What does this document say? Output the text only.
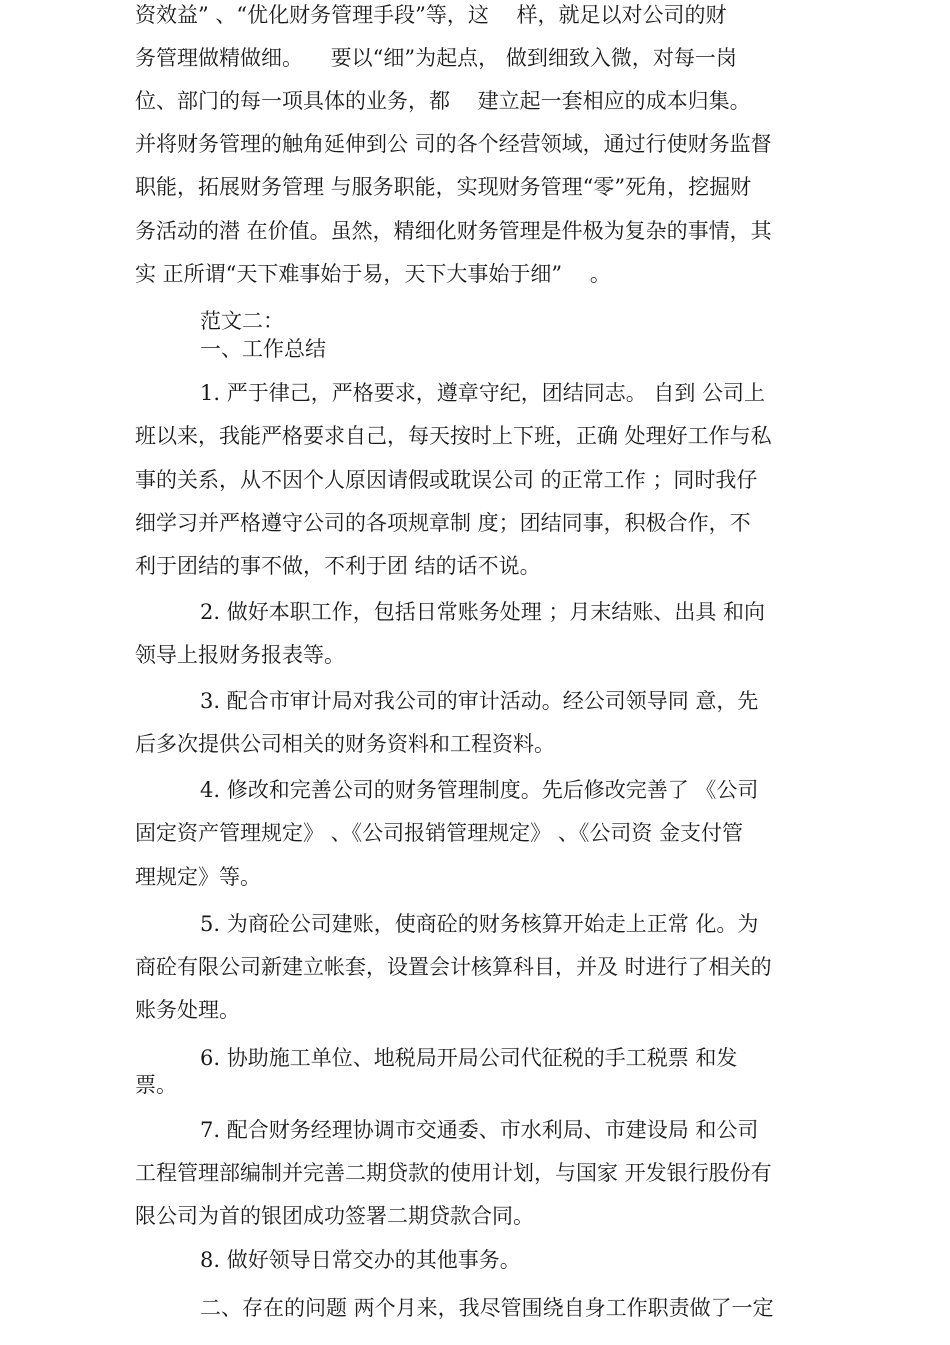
资效益” 、“优化财务管理手段”等，这 　样，就足以对公司的财
务管理做精做细。 　要以“细”为起点， 做到细致入微，对每一岗
位、部门的每一项具体的业务，都 　建立起一套相应的成本归集。
并将财务管理的触角延伸到公 司的各个经营领域，通过行使财务监督
职能，拓展财务管理 与服务职能，实现财务管理“零”死角，挖掘财
务活动的潜 在价值。虽然，精细化财务管理是件极为复杂的事情，其
实 正所谓“天下难事始于易，天下大事始于细” 　。
范文二：
一、工作总结
1. 严于律己，严格要求，遵章守纪，团结同志。 自到 公司上
班以来，我能严格要求自己，每天按时上下班，正确 处理好工作与私
事的关系，从不因个人原因请假或耽误公司 的正常工作 ；同时我仔
细学习并严格遵守公司的各项规章制 度；团结同事，积极合作，不
利于团结的事不做，不利于团 结的话不说。
2. 做好本职工作，包括日常账务处理 ；月末结账、出具 和向
领导上报财务报表等。
3. 配合市审计局对我公司的审计活动。经公司领导同 意，先
后多次提供公司相关的财务资料和工程资料。
4. 修改和完善公司的财务管理制度。先后修改完善了 《公司
固定资产管理规定》 、《公司报销管理规定》 、《公司资 金支付管
理规定》等。
5. 为商砼公司建账，使商砼的财务核算开始走上正常 化。为
商砼有限公司新建立帐套，设置会计核算科目，并及 时进行了相关的
账务处理。
6. 协助施工单位、地税局开局公司代征税的手工税票 和发
票。
7. 配合财务经理协调市交通委、市水利局、市建设局 和公司
工程管理部编制并完善二期贷款的使用计划，与国家 开发银行股份有
限公司为首的银团成功签署二期贷款合同。
8. 做好领导日常交办的其他事务。
二、存在的问题 两个月来，我尽管围绕自身工作职责做了一定
